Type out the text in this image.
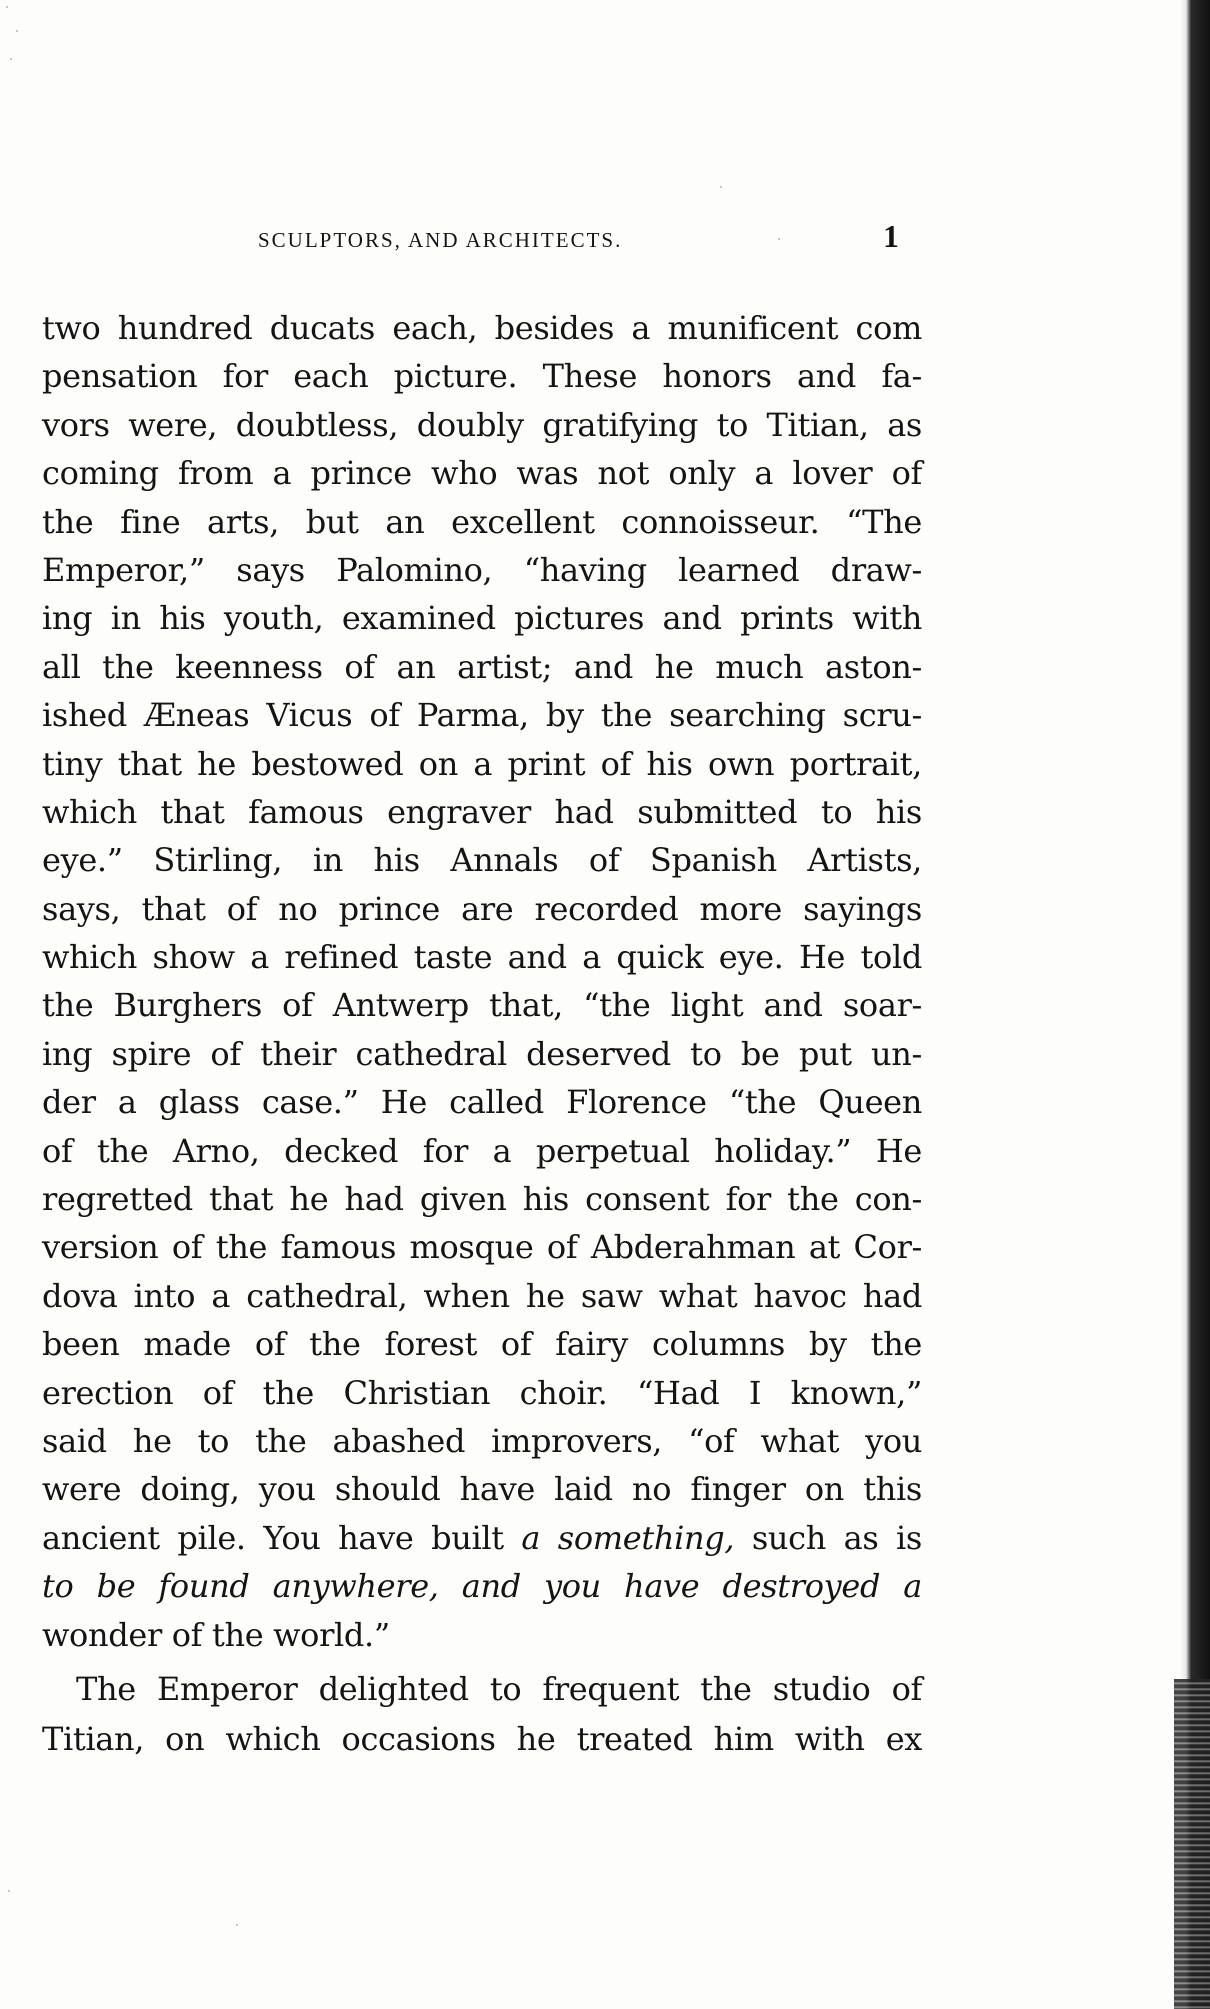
SCULPTORS, AND ARCHITECTS.	1
two hundred ducats each, besides a munificent com
pensation for each picture. These honors and fa-
vors were, doubtless, doubly gratifying to Titian, as
coming from a prince who was not only a lover of
the fine arts, but an excellent connoisseur. “The
Emperor,” says Palomino, “having learned draw-
ing in his youth, examined pictures and prints with
all the keenness of an artist; and he much aston-
ished Æneas Vicus of Parma, by the searching scru-
tiny that he bestowed on a print of his own portrait,
which that famous engraver had submitted to his
eye.” Stirling, in his Annals of Spanish Artists,
says, that of no prince are recorded more sayings
which show a refined taste and a quick eye. He told
the Burghers of Antwerp that, “the light and soar-
ing spire of their cathedral deserved to be put un-
der a glass case.” He called Florence “the Queen
of the Arno, decked for a perpetual holiday.” He
regretted that he had given his consent for the con-
version of the famous mosque of Abderahman at Cor-
dova into a cathedral, when he saw what havoc had
been made of the forest of fairy columns by the
erection of the Christian choir. “Had I known,”
said he to the abashed improvers, “of what you
were doing, you should have laid no finger on this
ancient pile. You have built a something, such as is
to be found anywhere, and you have destroyed a
wonder of the world.”
The Emperor delighted to frequent the studio of
Titian, on which occasions he treated him with ex
